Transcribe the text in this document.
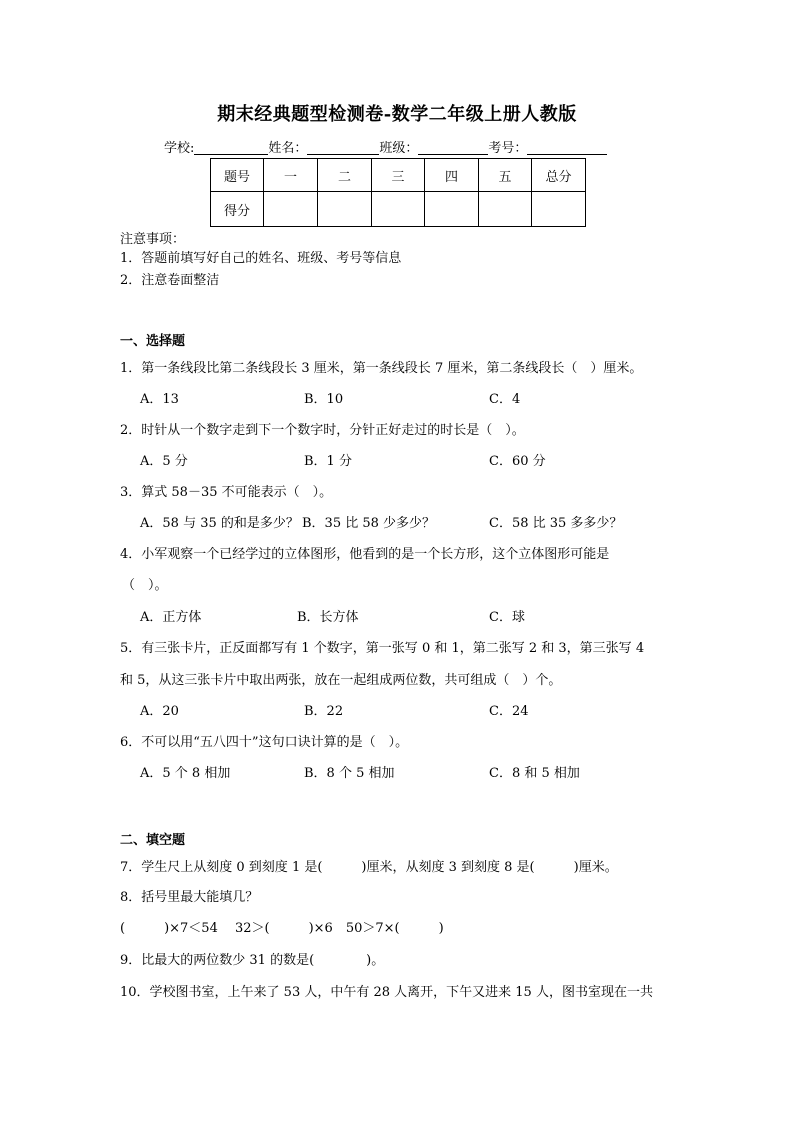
期末经典题型检测卷-数学二年级上册人教版
学校:	姓名：	班级：	考号：
题号	一	二	三	四	五	总分
得分						
注意事项：
1．答题前填写好自己的姓名、班级、考号等信息
2．注意卷面整洁
一、选择题
1．第一条线段比第二条线段长 3 厘米，第一条线段长 7 厘米，第二条线段长（　）厘米。
A．13	B．10	C．4
2．时针从一个数字走到下一个数字时，分针正好走过的时长是（　）。
A．5 分	B．1 分	C．60 分
3．算式 58－35 不可能表示（　）。
A．58 与 35 的和是多少？ B．35 比 58 少多少？	C．58 比 35 多多少？
4．小军观察一个已经学过的立体图形，他看到的是一个长方形，这个立体图形可能是
（　）。
A．正方体	B．长方体	C．球
5．有三张卡片，正反面都写有 1 个数字，第一张写 0 和 1，第二张写 2 和 3，第三张写 4
和 5，从这三张卡片中取出两张，放在一起组成两位数，共可组成（　）个。
A．20	B．22	C．24
6．不可以用“五八四十”这句口诀计算的是（　）。
A．5 个 8 相加	B．8 个 5 相加	C．8 和 5 相加
二、填空题
7．学生尺上从刻度 0 到刻度 1 是(　　　)厘米，从刻度 3 到刻度 8 是(　　　)厘米。
8．括号里最大能填几？
(　　　)×7＜54　 32＞(　　　)×6　50＞7×(　　　)
9．比最大的两位数少 31 的数是(　　　　)。
10．学校图书室，上午来了 53 人，中午有 28 人离开，下午又进来 15 人，图书室现在一共
